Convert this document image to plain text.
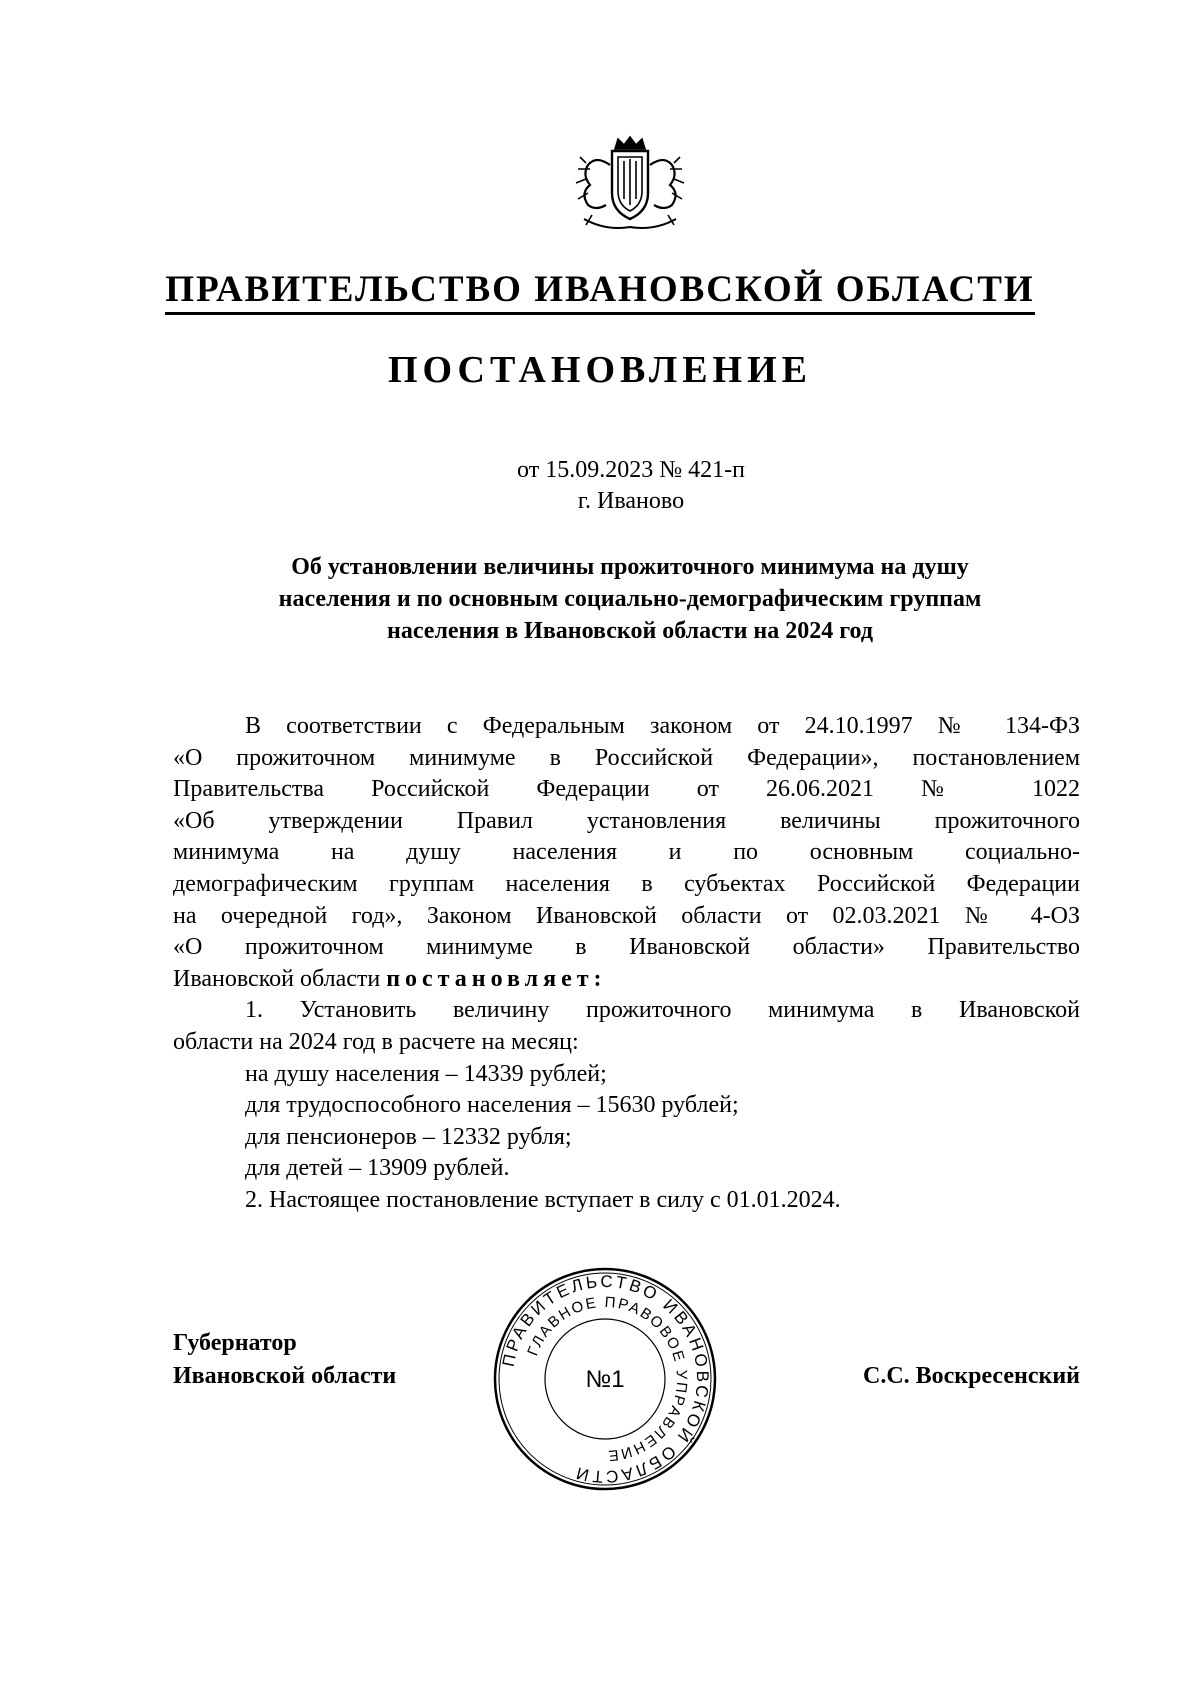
ПРАВИТЕЛЬСТВО ИВАНОВСКОЙ ОБЛАСТИ
ПОСТАНОВЛЕНИЕ
от 15.09.2023 № 421-п
г. Иваново
Об установлении величины прожиточного минимума на душу
населения и по основным социально-демографическим группам
населения в Ивановской области на 2024 год
В соответствии с Федеральным законом от 24.10.1997 № 134-ФЗ
«О прожиточном минимуме в Российской Федерации», постановлением
Правительства Российской Федерации от 26.06.2021 № 1022
«Об утверждении Правил установления величины прожиточного
минимума на душу населения и по основным социально-
демографическим группам населения в субъектах Российской Федерации
на очередной год», Законом Ивановской области от 02.03.2021 № 4-ОЗ
«О прожиточном минимуме в Ивановской области» Правительство
Ивановской области постановляет:
1. Установить величину прожиточного минимума в Ивановской
области на 2024 год в расчете на месяц:
на душу населения – 14339 рублей;
для трудоспособного населения – 15630 рублей;
для пенсионеров – 12332 рубля;
для детей – 13909 рублей.
2. Настоящее постановление вступает в силу с 01.01.2024.
Губернатор
Ивановской области
ПРАВИТЕЛЬСТВО ИВАНОВСКОЙ ОБЛАСТИ
ГЛАВНОЕ ПРАВОВОЕ УПРАВЛЕНИЕ
№1	С.С. Воскресенский
